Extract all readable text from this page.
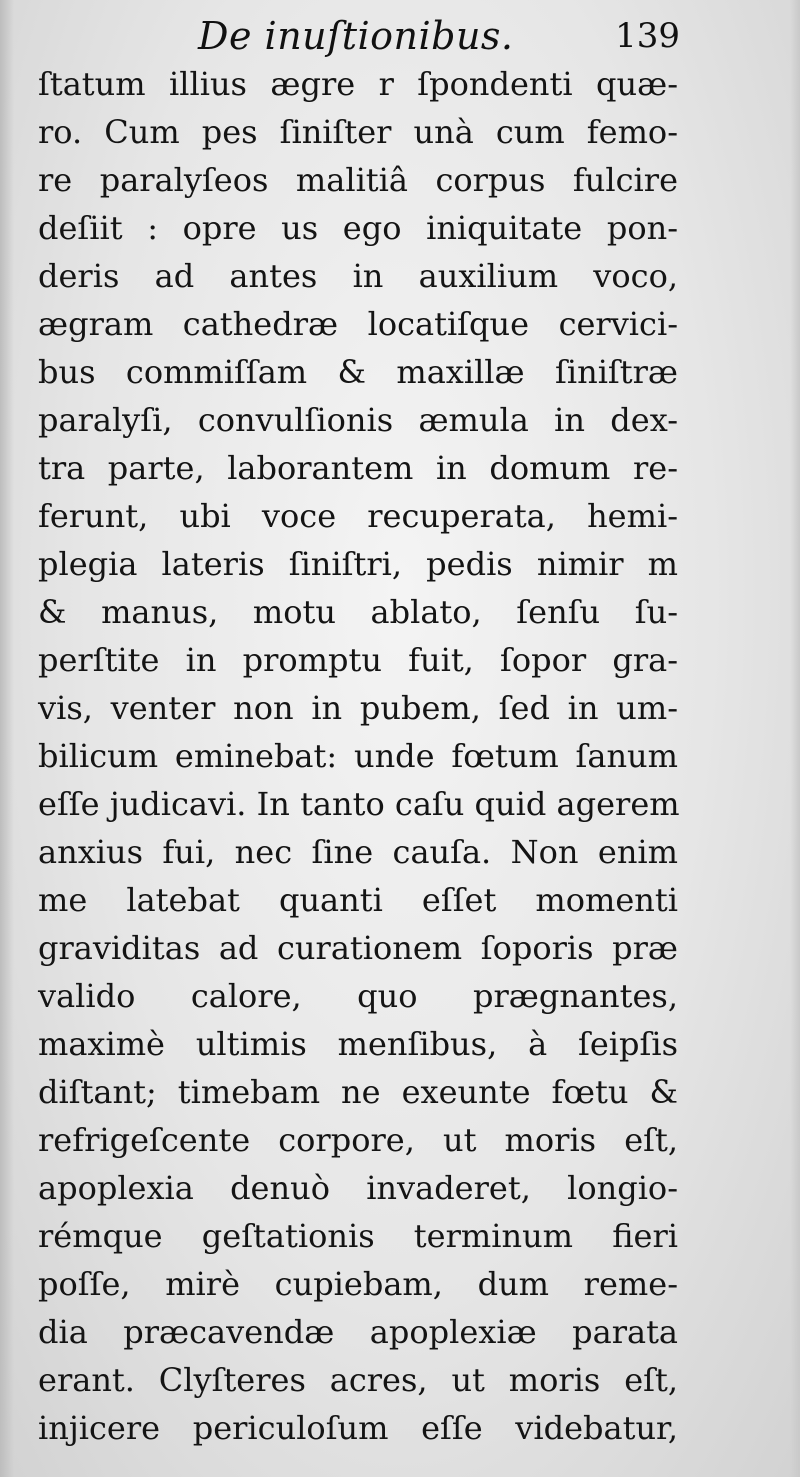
De inuſtionibus.	139
ſtatum illius ægre r ſpondenti quæ-
ro. Cum pes ſiniſter unà cum femo-
re paralyſeos malitiâ corpus fulcire
deſiit : opre us ego iniquitate pon-
deris ad antes in auxilium voco,
ægram cathedræ locatiſque cervici-
bus commiſſam & maxillæ ſiniſtræ
paralyſi, convulſionis æmula in dex-
tra parte, laborantem in domum re-
ferunt, ubi voce recuperata, hemi-
plegia lateris ſiniſtri, pedis nimir m
& manus, motu ablato, ſenſu ſu-
perſtite in promptu fuit, ſopor gra-
vis, venter non in pubem, ſed in um-
bilicum eminebat: unde fœtum ſanum
eſſe judicavi. In tanto caſu quid agerem
anxius fui, nec ſine cauſa. Non enim
me latebat quanti eſſet momenti
graviditas ad curationem ſoporis præ
valido calore, quo prægnantes,
maximè ultimis menſibus, à ſeipſis
diſtant; timebam ne exeunte fœtu &
refrigeſcente corpore, ut moris eſt,
apoplexia denuò invaderet, longio-
rémque geſtationis terminum fieri
poſſe, mirè cupiebam, dum reme-
dia præcavendæ apoplexiæ parata
erant. Clyſteres acres, ut moris eſt,
injicere periculoſum eſſe videbatur,
